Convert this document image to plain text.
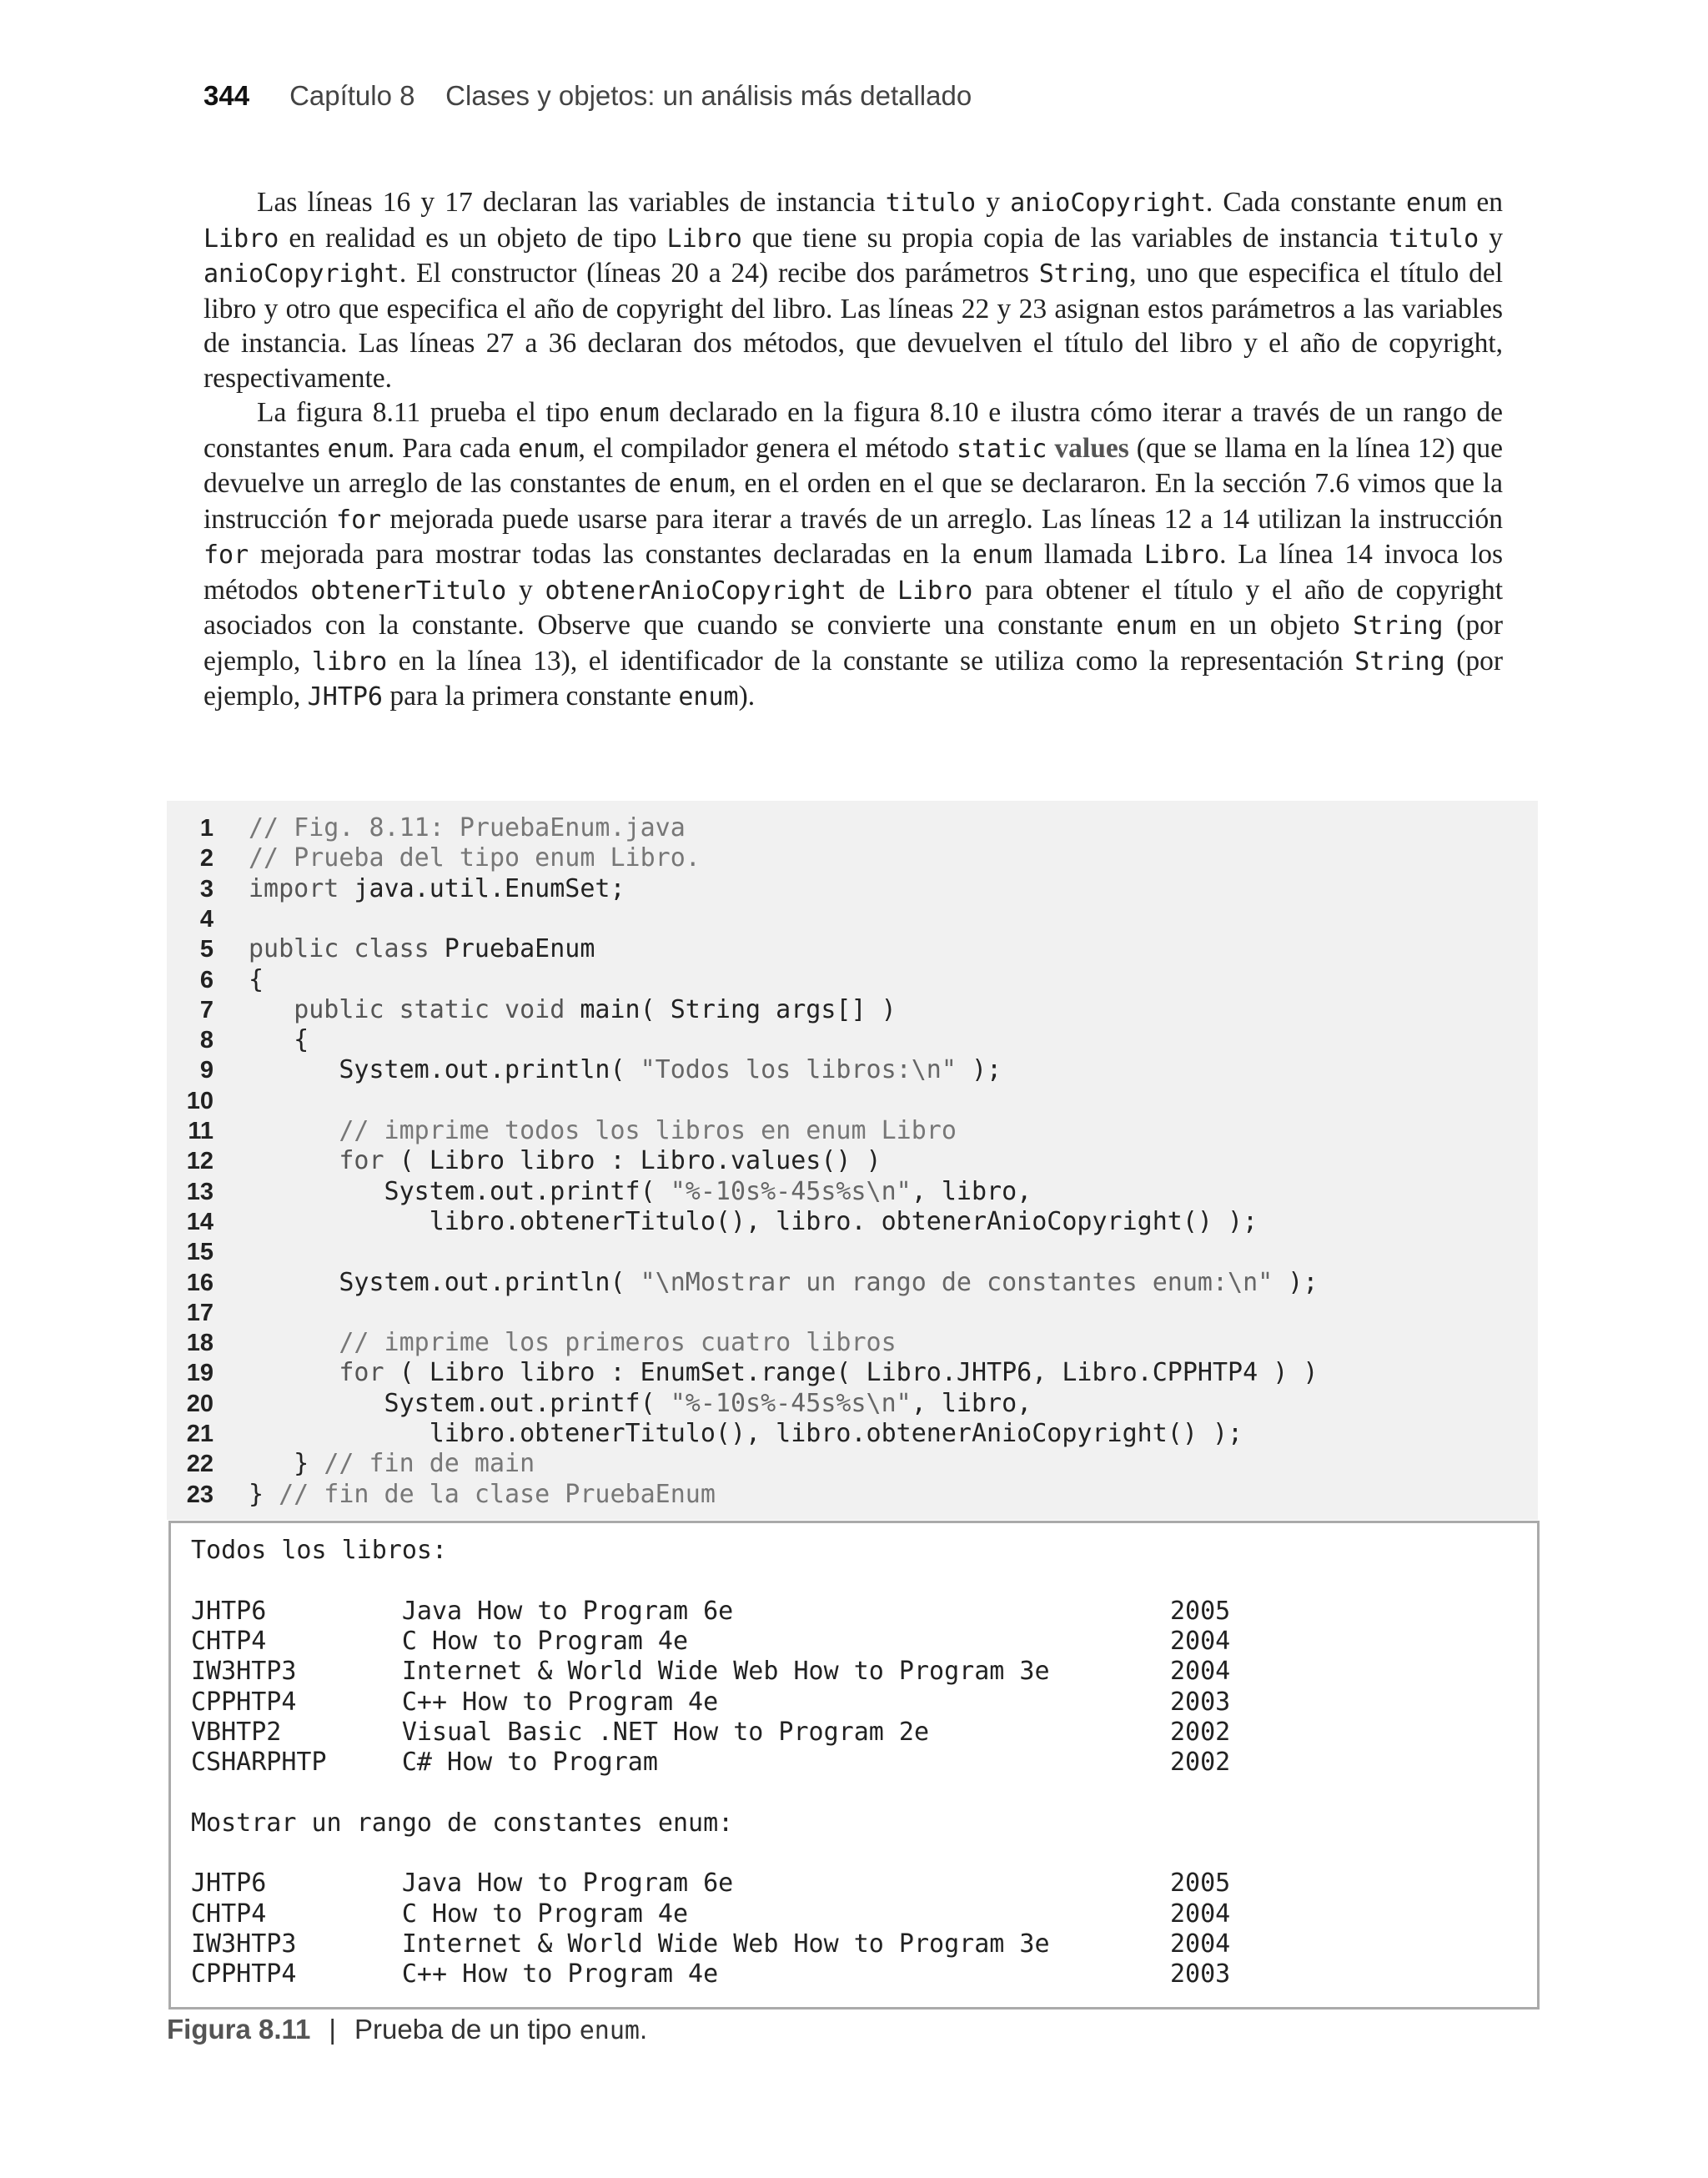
344 Capítulo 8    Clases y objetos: un análisis más detallado

Las líneas 16 y 17 declaran las variables de instancia titulo y anioCopyright. Cada constante enum en Libro en realidad es un objeto de tipo Libro que tiene su propia copia de las variables de instancia titulo y anioCopyright. El constructor (líneas 20 a 24) recibe dos parámetros String, uno que especifica el título del libro y otro que especifica el año de copyright del libro. Las líneas 22 y 23 asignan estos parámetros a las variables de instancia. Las líneas 27 a 36 declaran dos métodos, que devuelven el título del libro y el año de copyright, respectivamente.

La figura 8.11 prueba el tipo enum declarado en la figura 8.10 e ilustra cómo iterar a través de un rango de constantes enum. Para cada enum, el compilador genera el método static values (que se llama en la línea 12) que devuelve un arreglo de las constantes de enum, en el orden en el que se declararon. En la sección 7.6 vimos que la instrucción for mejorada puede usarse para iterar a través de un arreglo. Las líneas 12 a 14 utilizan la instrucción for mejorada para mostrar todas las constantes declaradas en la enum llamada Libro. La línea 14 invoca los métodos obtenerTitulo y obtenerAnioCopyright de Libro para obtener el título y el año de copyright asociados con la constante. Observe que cuando se convierte una constante enum en un objeto String (por ejemplo, libro en la línea 13), el identificador de la constante se utiliza como la representación String (por ejemplo, JHTP6 para la primera constante enum).

1 // Fig. 8.11: PruebaEnum.java
2 // Prueba del tipo enum Libro.
3 import java.util.EnumSet;
4
5 public class PruebaEnum
6 {
7	public static void main( String args[] )
8 {
9 System.out.println( "Todos los libros:\n" );
10
11	// imprime todos los libros en enum Libro
12	for ( Libro libro : Libro.values() )
13 System.out.printf( "%-10s%-45s%s\n", libro,
14 libro.obtenerTitulo(), libro. obtenerAnioCopyright() );
15
16 System.out.println( "\nMostrar un rango de constantes enum:\n" );
17
18	// imprime los primeros cuatro libros
19	for ( Libro libro : EnumSet.range( Libro.JHTP6, Libro.CPPHTP4 ) )
20 System.out.printf( "%-10s%-45s%s\n", libro,
21 libro.obtenerTitulo(), libro.obtenerAnioCopyright() );
22 } // fin de main
23 } // fin de la clase PruebaEnum
Todos los libros:
JHTP6         Java How to Program 6e                             2005
CHTP4         C How to Program 4e                                2004
IW3HTP3       Internet & World Wide Web How to Program 3e        2004
CPPHTP4       C++ How to Program 4e                              2003
VBHTP2        Visual Basic .NET How to Program 2e                2002
CSHARPHTP     C# How to Program                                  2002
Mostrar un rango de constantes enum:
JHTP6         Java How to Program 6e                             2005
CHTP4         C How to Program 4e                                2004
IW3HTP3       Internet & World Wide Web How to Program 3e        2004
CPPHTP4       C++ How to Program 4e                              2003
Figura 8.11 | Prueba de un tipo enum .
